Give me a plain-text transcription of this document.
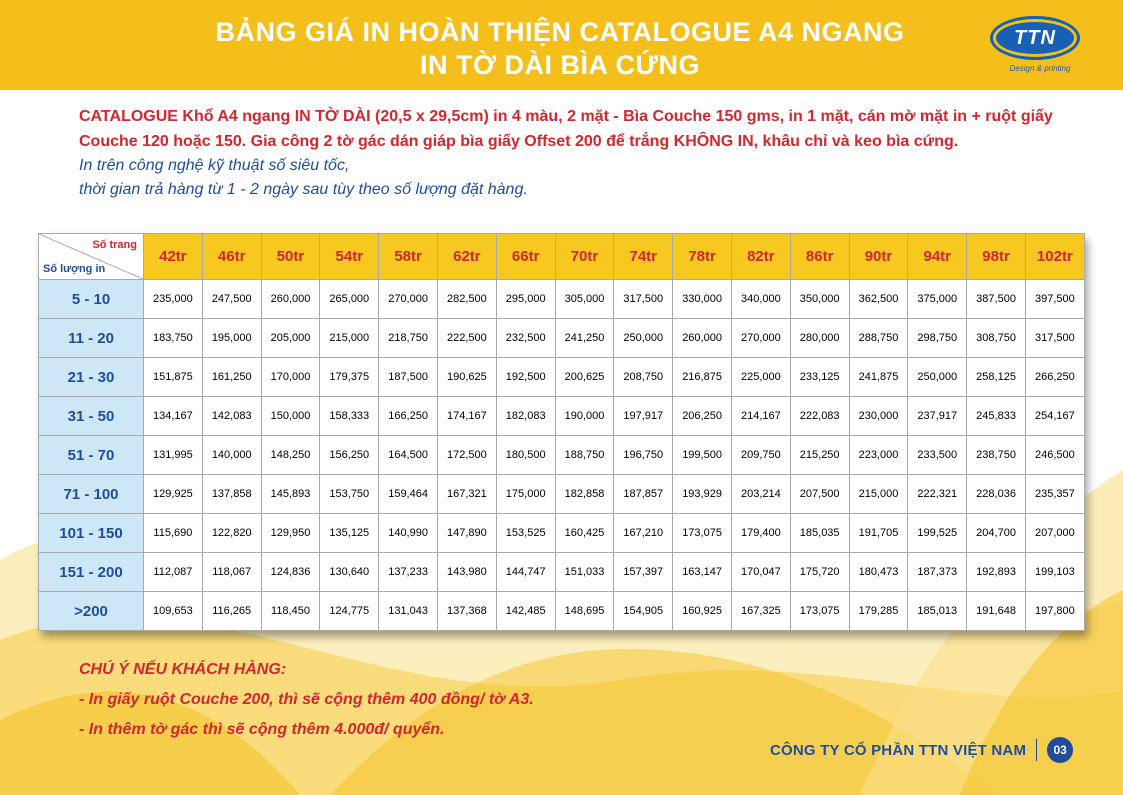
BẢNG GIÁ IN HOÀN THIỆN CATALOGUE A4 NGANG
IN TỜ DÀI BÌA CỨNG
TTN
Design & printing

CATALOGUE Khổ A4 ngang IN TỜ DÀI (20,5 x 29,5cm) in 4 màu, 2 mặt - Bìa Couche 150 gms, in 1 mặt, cán mờ mặt in + ruột giấy Couche 120 hoặc 150. Gia công 2 tờ gác dán giáp bìa giấy Offset 200 để trắng KHÔNG IN, khâu chỉ và keo bìa cứng.

In trên công nghệ kỹ thuật số siêu tốc,

thời gian trả hàng từ 1 - 2 ngày sau tùy theo số lượng đặt hàng.

Số trang
Số lượng in	42tr	46tr	50tr	54tr	58tr	62tr	66tr	70tr	74tr	78tr	82tr	86tr	90tr	94tr	98tr	102tr
5 - 10	235,000	247,500	260,000	265,000	270,000	282,500	295,000	305,000	317,500	330,000	340,000	350,000	362,500	375,000	387,500	397,500
11 - 20	183,750	195,000	205,000	215,000	218,750	222,500	232,500	241,250	250,000	260,000	270,000	280,000	288,750	298,750	308,750	317,500
21 - 30	151,875	161,250	170,000	179,375	187,500	190,625	192,500	200,625	208,750	216,875	225,000	233,125	241,875	250,000	258,125	266,250
31 - 50	134,167	142,083	150,000	158,333	166,250	174,167	182,083	190,000	197,917	206,250	214,167	222,083	230,000	237,917	245,833	254,167
51 - 70	131,995	140,000	148,250	156,250	164,500	172,500	180,500	188,750	196,750	199,500	209,750	215,250	223,000	233,500	238,750	246,500
71 - 100	129,925	137,858	145,893	153,750	159,464	167,321	175,000	182,858	187,857	193,929	203,214	207,500	215,000	222,321	228,036	235,357
101 - 150	115,690	122,820	129,950	135,125	140,990	147,890	153,525	160,425	167,210	173,075	179,400	185,035	191,705	199,525	204,700	207,000
151 - 200	112,087	118,067	124,836	130,640	137,233	143,980	144,747	151,033	157,397	163,147	170,047	175,720	180,473	187,373	192,893	199,103
>200	109,653	116,265	118,450	124,775	131,043	137,368	142,485	148,695	154,905	160,925	167,325	173,075	179,285	185,013	191,648	197,800

CHÚ Ý NẾU KHÁCH HÀNG:

- In giấy ruột Couche 200, thì sẽ cộng thêm 400 đồng/ tờ A3.

- In thêm tờ gác thì sẽ cộng thêm 4.000đ/ quyển.

CÔNG TY CỔ PHẦN TTN VIỆT NAM	03
